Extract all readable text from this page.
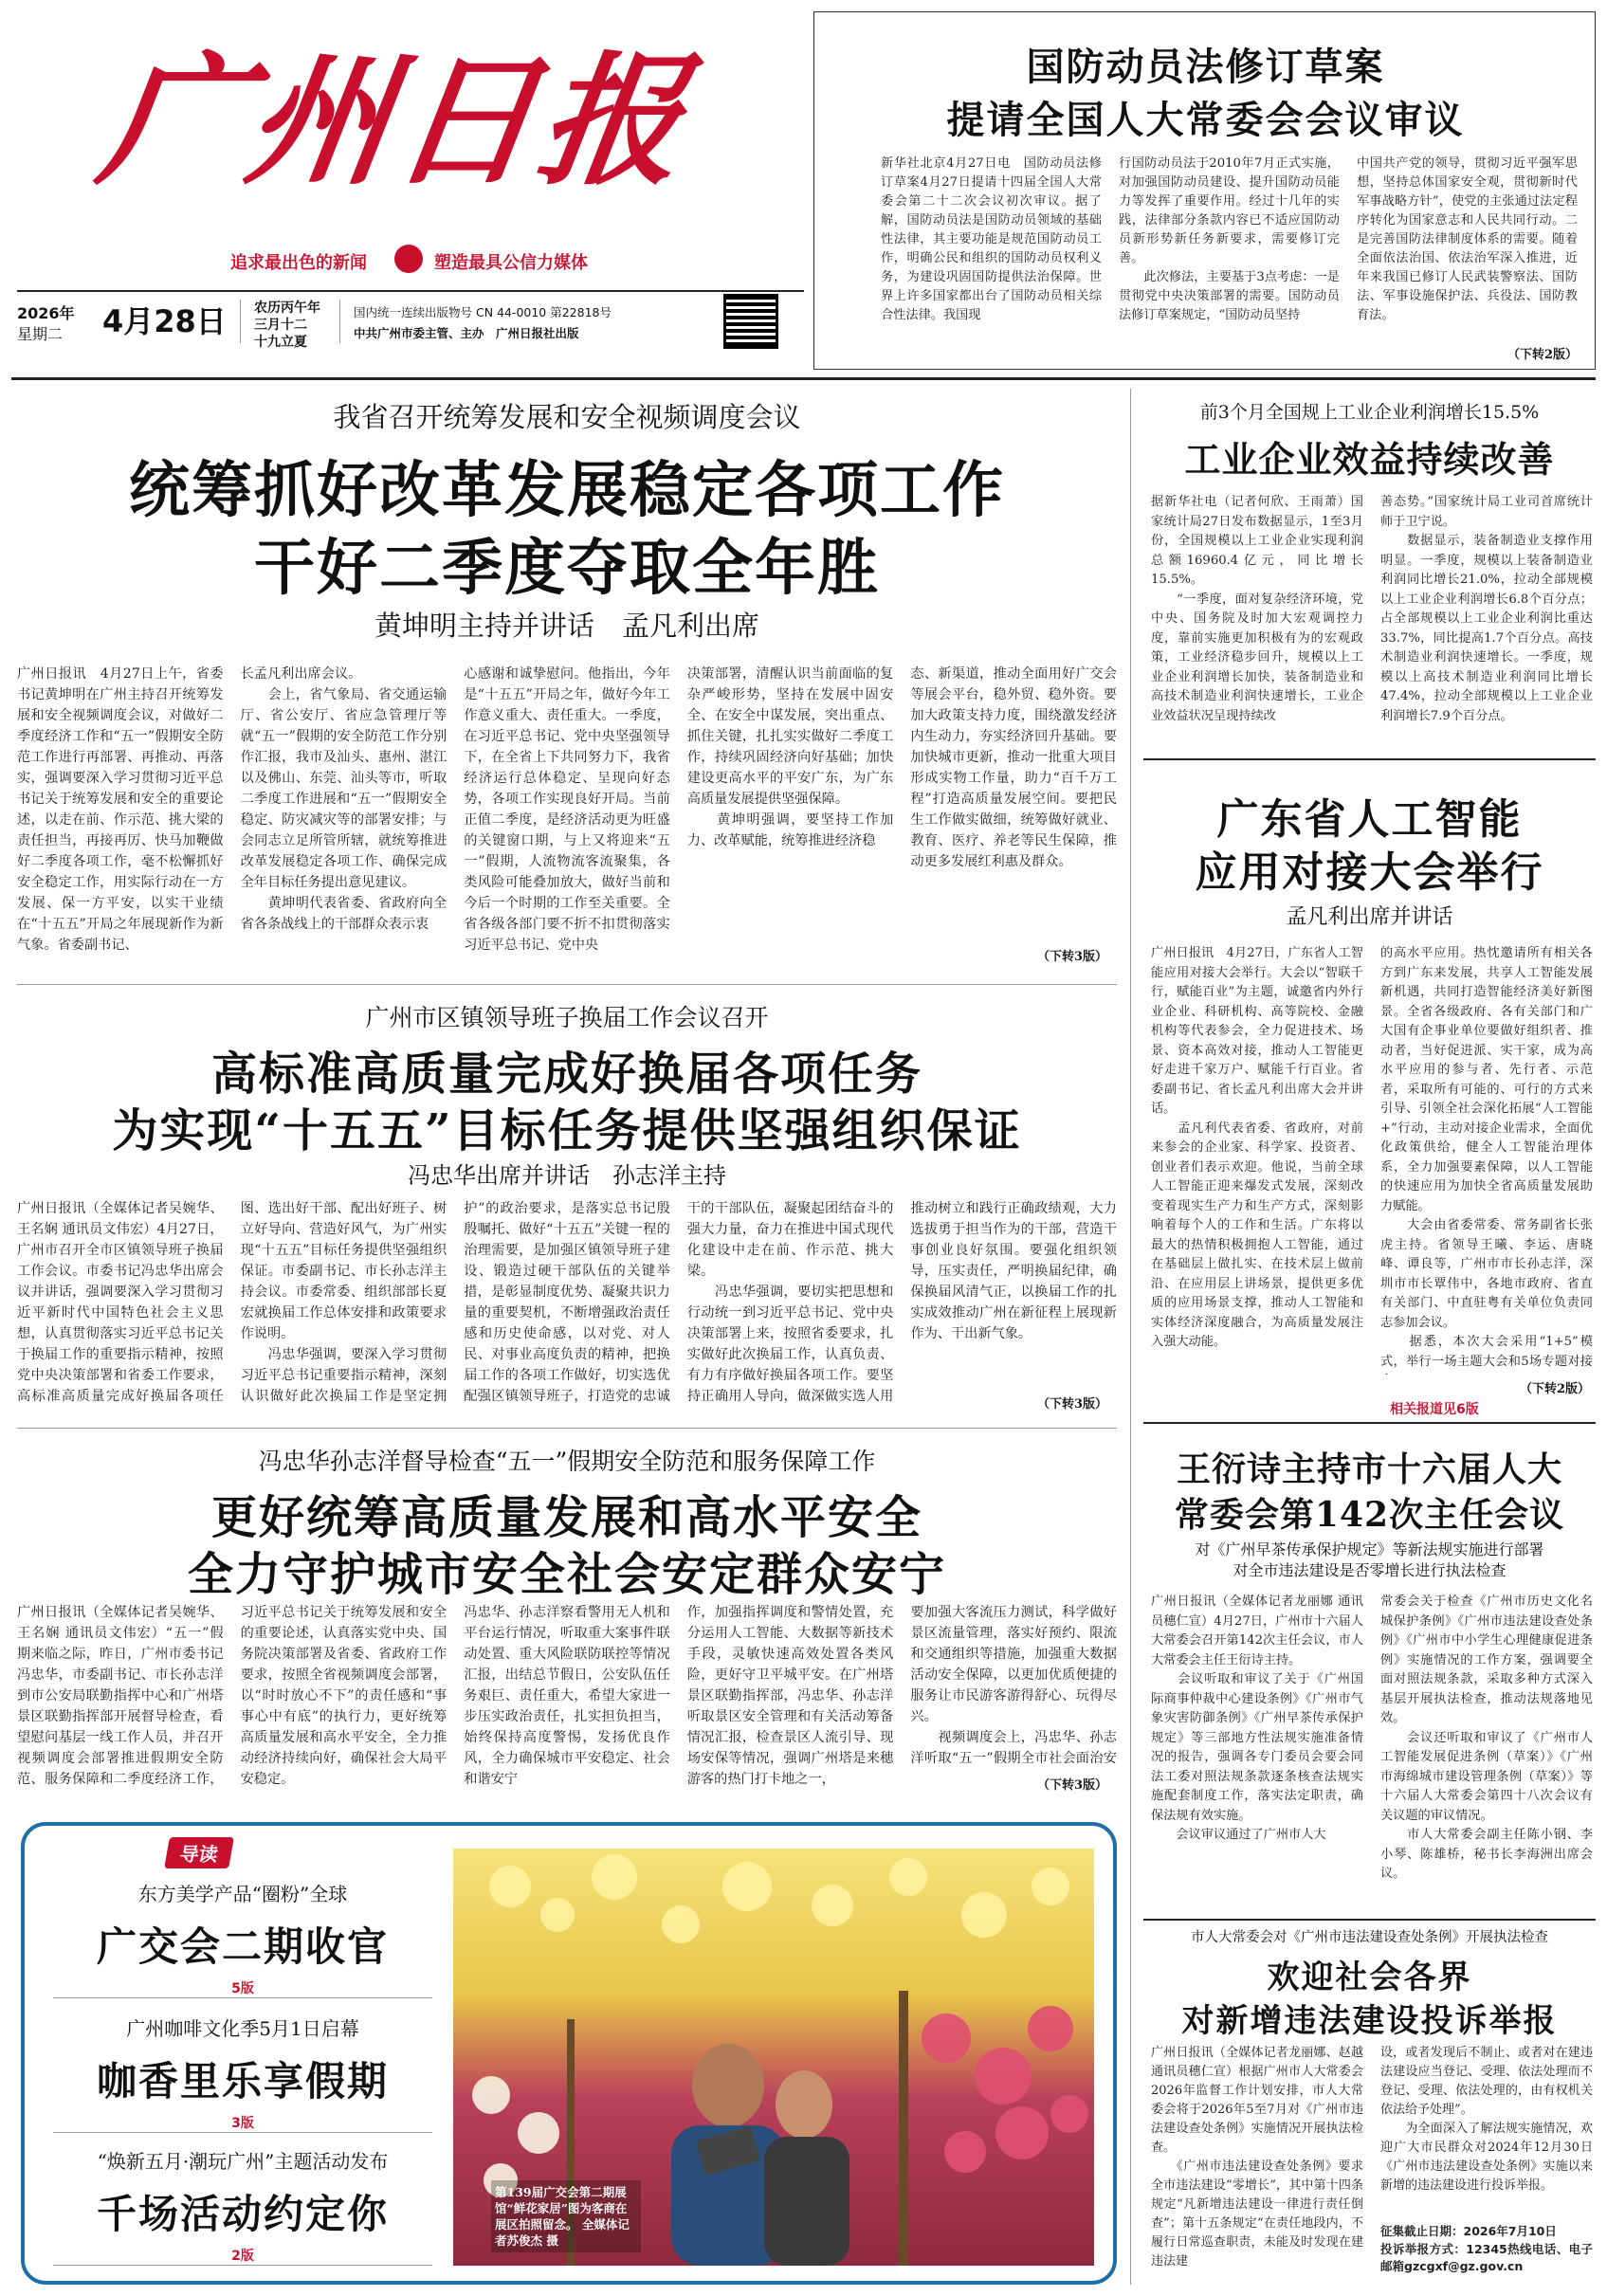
广州日报
追求最出色的新闻	塑造最具公信力媒体
2026年
星期二 4月28日 农历丙午年
三月十二
十九立夏
国内统一连续出版物号 CN 44-0010 第22818号
中共广州市委主管、主办　广州日报社出版
国防动员法修订草案
提请全国人大常委会会议审议
新华社北京4月27日电　国防动员法修订草案4月27日提请十四届全国人大常委会第二十二次会议初次审议。据了解，国防动员法是国防动员领域的基础性法律，其主要功能是规范国防动员工作，明确公民和组织的国防动员权利义务，为建设巩固国防提供法治保障。世界上许多国家都出台了国防动员相关综合性法律。我国现
行国防动员法于2010年7月正式实施，对加强国防动员建设、提升国防动员能力等发挥了重要作用。经过十几年的实践，法律部分条款内容已不适应国防动员新形势新任务新要求，需要修订完善。
　　此次修法，主要基于3点考虑：一是贯彻党中央决策部署的需要。国防动员法修订草案规定，“国防动员坚持
中国共产党的领导，贯彻习近平强军思想，坚持总体国家安全观，贯彻新时代军事战略方针”，使党的主张通过法定程序转化为国家意志和人民共同行动。二是完善国防法律制度体系的需要。随着全面依法治国、依法治军深入推进，近年来我国已修订人民武装警察法、国防法、军事设施保护法、兵役法、国防教育法。
（下转2版）
我省召开统筹发展和安全视频调度会议
统筹抓好改革发展稳定各项工作
干好二季度夺取全年胜
黄坤明主持并讲话　孟凡利出席
广州日报讯　4月27日上午，省委书记黄坤明在广州主持召开统筹发展和安全视频调度会议，对做好二季度经济工作和“五一”假期安全防范工作进行再部署、再推动、再落实，强调要深入学习贯彻习近平总书记关于统筹发展和安全的重要论述，以走在前、作示范、挑大梁的责任担当，再接再厉、快马加鞭做好二季度各项工作，毫不松懈抓好安全稳定工作，用实际行动在一方发展、保一方平安，以实干业绩在“十五五”开局之年展现新作为新气象。省委副书记、
长孟凡利出席会议。
　　会上，省气象局、省交通运输厅、省公安厅、省应急管理厅等就“五一”假期的安全防范工作分别作汇报，我市及汕头、惠州、湛江以及佛山、东莞、汕头等市，听取二季度工作进展和“五一”假期安全稳定、防灾减灾等的部署安排；与会同志立足所管所辖，就统筹推进改革发展稳定各项工作、确保完成全年目标任务提出意见建议。
　　黄坤明代表省委、省政府向全省各条战线上的干部群众表示衷
心感谢和诚挚慰问。他指出，今年是“十五五”开局之年，做好今年工作意义重大、责任重大。一季度，在习近平总书记、党中央坚强领导下，在全省上下共同努力下，我省经济运行总体稳定、呈现向好态势，各项工作实现良好开局。当前正值二季度，是经济活动更为旺盛的关键窗口期，与上又将迎来“五一”假期，人流物流客流聚集，各类风险可能叠加放大，做好当前和今后一个时期的工作至关重要。全省各级各部门要不折不扣贯彻落实习近平总书记、党中央
决策部署，清醒认识当前面临的复杂严峻形势，坚持在发展中固安全、在安全中谋发展，突出重点、抓住关键，扎扎实实做好二季度工作，持续巩固经济向好基础；加快建设更高水平的平安广东，为广东高质量发展提供坚强保障。
　　黄坤明强调，要坚持工作加力、改革赋能，统筹推进经济稳
态、新渠道，推动全面用好广交会等展会平台，稳外贸、稳外资。要加大政策支持力度，围绕激发经济内生动力，夯实经济回升基础。要加快城市更新，推动一批重大项目形成实物工作量，助力“百千万工程”打造高质量发展空间。要把民生工作做实做细，统筹做好就业、教育、医疗、养老等民生保障，推动更多发展红利惠及群众。
（下转3版）
前3个月全国规上工业企业利润增长15.5%
工业企业效益持续改善
据新华社电（记者何欣、王雨萧）国家统计局27日发布数据显示，1至3月份，全国规模以上工业企业实现利润总额16960.4亿元，同比增长15.5%。
　　“一季度，面对复杂经济环境，党中央、国务院及时加大宏观调控力度，靠前实施更加积极有为的宏观政策，工业经济稳步回升，规模以上工业企业利润增长加快，装备制造业和高技术制造业利润快速增长，工业企业效益状况呈现持续改
善态势。”国家统计局工业司首席统计师于卫宁说。
　　数据显示，装备制造业支撑作用明显。一季度，规模以上装备制造业利润同比增长21.0%，拉动全部规模以上工业企业利润增长6.8个百分点；占全部规模以上工业企业利润比重达33.7%，同比提高1.7个百分点。高技术制造业利润快速增长。一季度，规模以上高技术制造业利润同比增长47.4%，拉动全部规模以上工业企业利润增长7.9个百分点。
广东省人工智能
应用对接大会举行
孟凡利出席并讲话
广州日报讯　4月27日，广东省人工智能应用对接大会举行。大会以“智联千行，赋能百业”为主题，诚邀省内外行业企业、科研机构、高等院校、金融机构等代表参会，全力促进技术、场景、资本高效对接，推动人工智能更好走进千家万户、赋能千行百业。省委副书记、省长孟凡利出席大会并讲话。
　　孟凡利代表省委、省政府，对前来参会的企业家、科学家、投资者、创业者们表示欢迎。他说，当前全球人工智能正迎来爆发式发展，深刻改变着现实生产力和生产方式，深刻影响着每个人的工作和生活。广东将以最大的热情积极拥抱人工智能，通过在基础层上做扎实、在技术层上做前沿、在应用层上讲场景，提供更多优质的应用场景支撑，推动人工智能和实体经济深度融合，为高质量发展注入强大动能。
的高水平应用。热忱邀请所有相关各方到广东来发展，共享人工智能发展新机遇，共同打造智能经济美好新图景。全省各级政府、各有关部门和广大国有企事业单位要做好组织者、推动者，当好促进派、实干家，成为高水平应用的参与者、先行者、示范者，采取所有可能的、可行的方式来引导、引领全社会深化拓展“人工智能+”行动，主动对接企业需求，全面优化政策供给，健全人工智能治理体系，全力加强要素保障，以人工智能的快速应用为加快全省高质量发展助力赋能。
　　大会由省委常委、常务副省长张虎主持。省领导王曦、李运、唐晓峰、谭良等，广州市市长孙志洋，深圳市市长覃伟中，各地市政府、省直有关部门、中直驻粤有关单位负责同志参加会议。
　　据悉，本次大会采用“1+5”模式，举行一场主题大会和5场专题对接
（下转2版）
相关报道见6版
广州市区镇领导班子换届工作会议召开
高标准高质量完成好换届各项任务
为实现“十五五”目标任务提供坚强组织保证
冯忠华出席并讲话　孙志洋主持
广州日报讯（全媒体记者吴婉华、王名娴 通讯员文伟宏）4月27日，广州市召开全市区镇领导班子换届工作会议。市委书记冯忠华出席会议并讲话，强调要深入学习贯彻习近平新时代中国特色社会主义思想，认真贯彻落实习近平总书记关于换届工作的重要指示精神，按照党中央决策部署和省委工作要求，高标准高质量完成好换届各项任
图、选出好干部、配出好班子、树立好导向、营造好风气，为广州实现“十五五”目标任务提供坚强组织保证。市委副书记、市长孙志洋主持会议。市委常委、组织部部长夏宏就换届工作总体安排和政策要求作说明。
　　冯忠华强调，要深入学习贯彻习近平总书记重要指示精神，深刻认识做好此次换届工作是坚定拥
护”的政治要求，是落实总书记殷殷嘱托、做好“十五五”关键一程的治理需要，是加强区镇领导班子建设、锻造过硬干部队伍的关键举措，是彰显制度优势、凝聚共识力量的重要契机，不断增强政治责任感和历史使命感，以对党、对人民、对事业高度负责的精神，把换届工作的各项工作做好，切实选优配强区镇领导班子，打造党的忠诚
干的干部队伍，凝聚起团结奋斗的强大力量，奋力在推进中国式现代化建设中走在前、作示范、挑大梁。
　　冯忠华强调，要切实把思想和行动统一到习近平总书记、党中央决策部署上来，按照省委要求，扎实做好此次换届工作，认真负责、有力有序做好换届各项工作。要坚持正确用人导向，做深做实选人用
推动树立和践行正确政绩观，大力选拔勇于担当作为的干部，营造干事创业良好氛围。要强化组织领导，压实责任，严明换届纪律，确保换届风清气正，以换届工作的扎实成效推动广州在新征程上展现新作为、干出新气象。
（下转3版）
冯忠华孙志洋督导检查“五一”假期安全防范和服务保障工作
更好统筹高质量发展和高水平安全
全力守护城市安全社会安定群众安宁
广州日报讯（全媒体记者吴婉华、王名娴 通讯员文伟宏）“五一”假期来临之际，昨日，广州市委书记冯忠华，市委副书记、市长孙志洋到市公安局联勤指挥中心和广州塔景区联勤指挥部开展督导检查，看望慰问基层一线工作人员，并召开视频调度会部署推进假期安全防范、服务保障和二季度经济工作，
习近平总书记关于统筹发展和安全的重要论述，认真落实党中央、国务院决策部署及省委、省政府工作要求，按照全省视频调度会部署，以“时时放心不下”的责任感和“事事心中有底”的执行力，更好统筹高质量发展和高水平安全，全力推动经济持续向好，确保社会大局平安稳定。

冯忠华、孙志洋察看警用无人机和平台运行情况，听取重大案事件联动处置、重大风险联防联控等情况汇报，出结总节假日，公安队伍任务艰巨、责任重大，希望大家进一步压实政治责任，扎实担负担当，始终保持高度警惕，发扬优良作风，全力确保城市平安稳定、社会和谐安宁
作，加强指挥调度和警情处置，充分运用人工智能、大数据等新技术手段，灵敏快速高效处置各类风险，更好守卫平城平安。在广州塔景区联勤指挥部，冯忠华、孙志洋听取景区安全管理和有关活动筹备情况汇报，检查景区人流引导、现场安保等情况，强调广州塔是来穗游客的热门打卡地之一，
要加强大客流压力测试，科学做好景区流量管理，落实好预约、限流和交通组织等措施，加强重大数据活动安全保障，以更加优质便捷的服务让市民游客游得舒心、玩得尽兴。
　　视频调度会上，冯忠华、孙志洋听取“五一”假期全市社会面治安
（下转3版）
王衍诗主持市十六届人大
常委会第142次主任会议
对《广州早茶传承保护规定》等新法规实施进行部署
对全市违法建设是否零增长进行执法检查
广州日报讯（全媒体记者龙丽娜 通讯员穗仁宣）4月27日，广州市十六届人大常委会召开第142次主任会议，市人大常委会主任王衍诗主持。
　　会议听取和审议了关于《广州国际商事仲裁中心建设条例》《广州市气象灾害防御条例》《广州早茶传承保护规定》等三部地方性法规实施准备情况的报告，强调各专门委员会要会同法工委对照法规条款逐条核查法规实施配套制度工作，落实法定职责，确保法规有效实施。
　　会议审议通过了广州市人大
常委会关于检查《广州市历史文化名城保护条例》《广州市违法建设查处条例》《广州市中小学生心理健康促进条例》实施情况的工作方案，强调要全面对照法规条款，采取多种方式深入基层开展执法检查，推动法规落地见效。
　　会议还听取和审议了《广州市人工智能发展促进条例（草案）》《广州市海绵城市建设管理条例（草案）》等十六届人大常委会第四十八次会议有关议题的审议情况。
　　市人大常委会副主任陈小钢、李小琴、陈雄桥，秘书长李海洲出席会议。
市人大常委会对《广州市违法建设查处条例》开展执法检查
欢迎社会各界
对新增违法建设投诉举报
广州日报讯（全媒体记者龙丽娜、赵越 通讯员穗仁宣）根据广州市人大常委会2026年监督工作计划安排，市人大常委会将于2026年5至7月对《广州市违法建设查处条例》实施情况开展执法检查。
　　《广州市违法建设查处条例》要求全市违法建设“零增长”，其中第十四条规定“凡新增违法建设一律进行责任倒查”；第十五条规定“在责任地段内，不履行日常巡查职责，未能及时发现在建违法建
设，或者发现后不制止、或者对在建违法建设应当登记、受理、依法处理而不登记、受理、依法处理的，由有权机关依法给予处理”。
　　为全面深入了解法规实施情况，欢迎广大市民群众对2024年12月30日《广州市违法建设查处条例》实施以来新增的违法建设进行投诉举报。
征集截止日期：2026年7月10日
投诉举报方式：12345热线电话、电子邮箱gzcgxf@gz.gov.cn
导读
东方美学产品“圈粉”全球
广交会二期收官
5版
广州咖啡文化季5月1日启幕
咖香里乐享假期
3版
“焕新五月·潮玩广州”主题活动发布
千场活动约定你
2版
第139届广交会第二期展馆“鲜花家居”图为客商在展区拍照留念。 全媒体记者苏俊杰 摄
